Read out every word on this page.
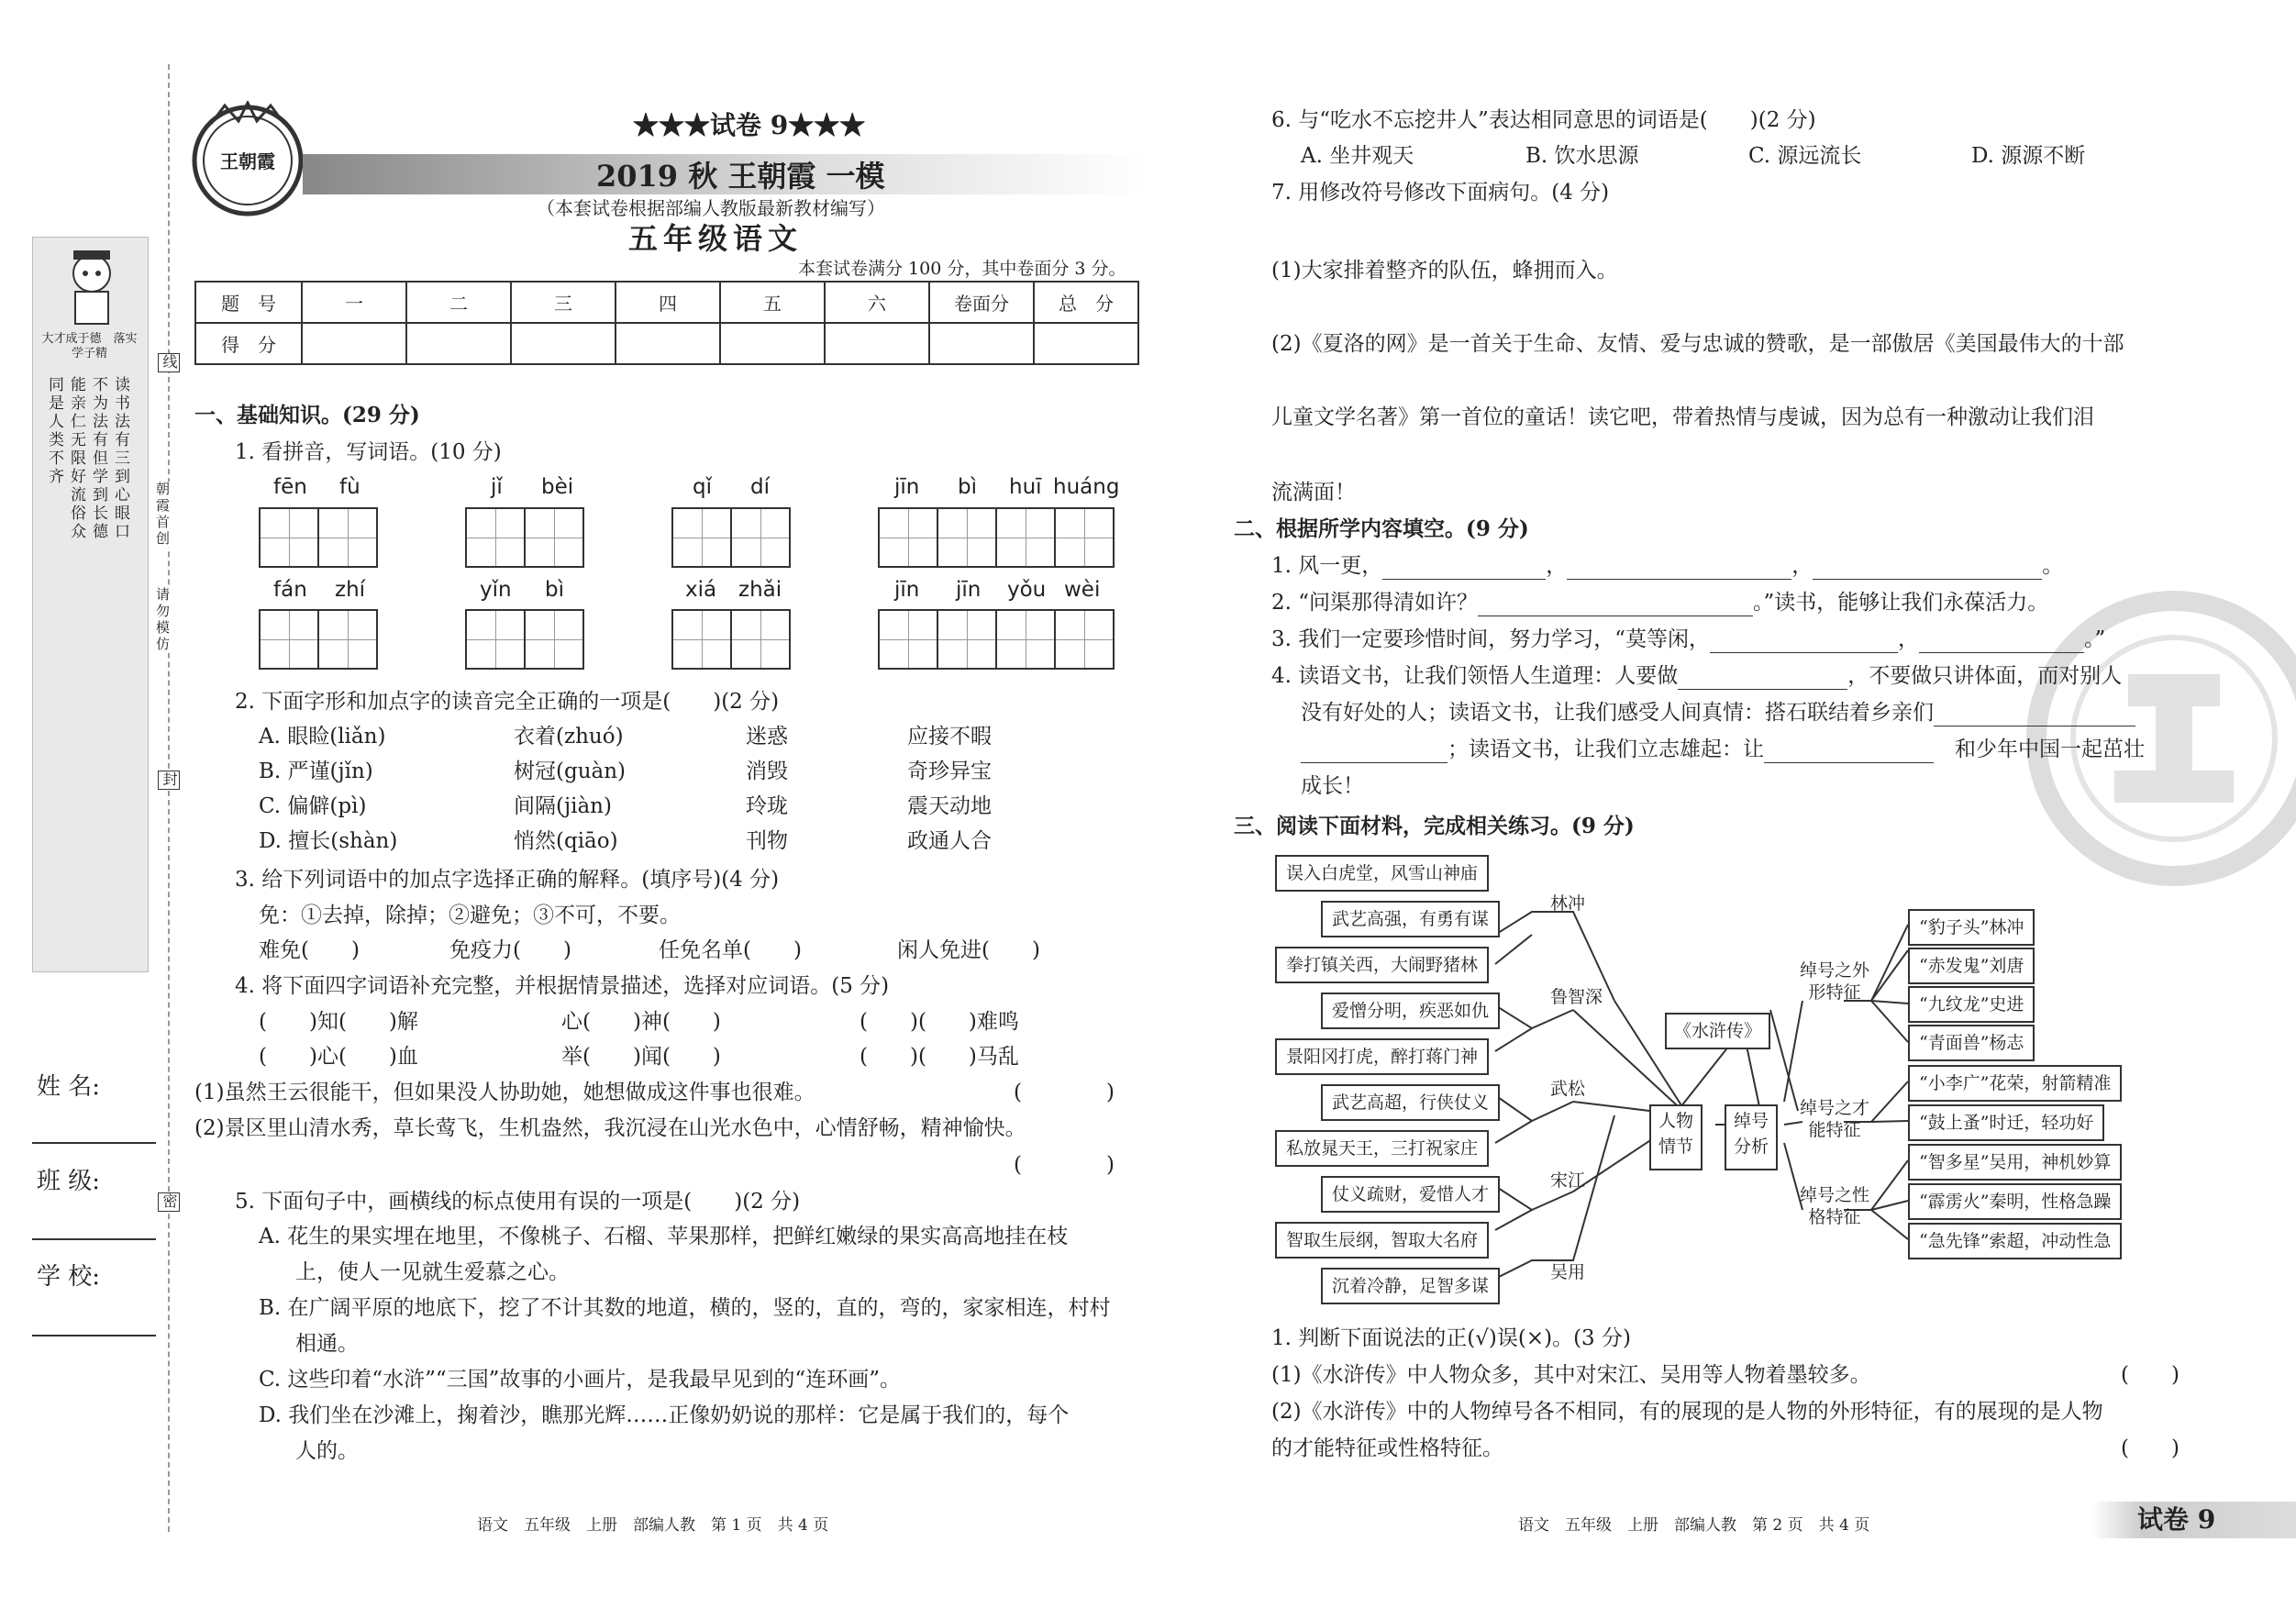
大才成于德　落实学子精
读书法有三到心眼口
不为法有但学到长德
能亲仁无限好流俗众
同是人类不齐
姓 名:
班 级:
学 校:
线
封
密
朝霞首创
请勿模仿
王朝霞
★★★试卷 9★★★
2019 秋 王朝霞 一模
（本套试卷根据部编人教版最新教材编写）
五年级语文
本套试卷满分 100 分，其中卷面分 3 分。
题　号	一	二	三	四	五	六	卷面分	总　分
得　分								
一、基础知识。(29 分)
1. 看拼音，写词语。(10 分)
fēn fù	jǐ bèi	qǐ dí	jīn bì huī huáng
fán zhí	yǐn bì	xiá zhǎi	jīn jīn yǒu wèi
2. 下面字形和加点字的读音完全正确的一项是(　　)(2 分)
A. 眼睑(liǎn)	衣着(zhuó)	迷惑	应接不暇
B. 严谨(jǐn)	树冠(guàn)	消毁	奇珍异宝
C. 偏僻(pì)	间隔(jiàn)	玲珑	震天动地
D. 擅长(shàn)	悄然(qiāo)	刊物	政通人合
3. 给下列词语中的加点字选择正确的解释。(填序号)(4 分)
免：①去掉，除掉；②避免；③不可，不要。
难免(　　)	免疫力(　　)	任免名单(　　)	闲人免进(　　)
4. 将下面四字词语补充完整，并根据情景描述，选择对应词语。(5 分)
(　　)知(　　)解	心(　　)神(　　)	(　　)(　　)难鸣
(　　)心(　　)血	举(　　)闻(　　)	(　　)(　　)马乱
(1)虽然王云很能干，但如果没人协助她，她想做成这件事也很难。	(　　　　)
(2)景区里山清水秀，草长莺飞，生机盎然，我沉浸在山光水色中，心情舒畅，精神愉快。
(　　　　)
5. 下面句子中，画横线的标点使用有误的一项是(　　)(2 分)
A. 花生的果实埋在地里，不像桃子、石榴、苹果那样，把鲜红嫩绿的果实高高地挂在枝
上，使人一见就生爱慕之心。
B. 在广阔平原的地底下，挖了不计其数的地道，横的，竖的，直的，弯的，家家相连，村村
相通。
C. 这些印着“水浒”“三国”故事的小画片，是我最早见到的“连环画”。
D. 我们坐在沙滩上，掬着沙，瞧那光辉……正像奶奶说的那样：它是属于我们的，每个
人的。
语文　五年级　上册　部编人教　第 1 页　共 4 页
6. 与“吃水不忘挖井人”表达相同意思的词语是(　　)(2 分)
A. 坐井观天	B. 饮水思源	C. 源远流长	D. 源源不断
7. 用修改符号修改下面病句。(4 分)
(1)大家排着整齐的队伍，蜂拥而入。
(2)《夏洛的网》是一首关于生命、友情、爱与忠诚的赞歌，是一部傲居《美国最伟大的十部
儿童文学名著》第一首位的童话！读它吧，带着热情与虔诚，因为总有一种激动让我们泪
流满面！
二、根据所学内容填空。(9 分)
1. 风一更，	，	，	。
2. “问渠那得清如许？	。”读书，能够让我们永葆活力。
3. 我们一定要珍惜时间，努力学习，“莫等闲，	，	。”
4. 读语文书，让我们领悟人生道理：人要做	，不要做只讲体面，而对别人
没有好处的人；读语文书，让我们感受人间真情：搭石联结着乡亲们
；读语文书，让我们立志雄起：让　	和少年中国一起茁壮
成长！
三、阅读下面材料，完成相关练习。(9 分)
误入白虎堂，风雪山神庙
武艺高强，有勇有谋
拳打镇关西，大闹野猪林
爱憎分明，疾恶如仇
景阳冈打虎，醉打蒋门神
武艺高超，行侠仗义
私放晁天王，三打祝家庄
仗义疏财，爱惜人才
智取生辰纲，智取大名府
沉着冷静，足智多谋
林冲
鲁智深
武松
宋江
吴用
《水浒传》
人物情节
绰号分析
绰号之外形特征
绰号之才能特征
绰号之性格特征
“豹子头”林冲
“赤发鬼”刘唐
“九纹龙”史进
“青面兽”杨志
“小李广”花荣，射箭精准
“鼓上蚤”时迁，轻功好
“智多星”吴用，神机妙算
“霹雳火”秦明，性格急躁
“急先锋”索超，冲动性急
1. 判断下面说法的正(√)误(×)。(3 分)
(1)《水浒传》中人物众多，其中对宋江、吴用等人物着墨较多。	(　　)
(2)《水浒传》中的人物绰号各不相同，有的展现的是人物的外形特征，有的展现的是人物
的才能特征或性格特征。	(　　)
语文　五年级　上册　部编人教　第 2 页　共 4 页	试卷 9
